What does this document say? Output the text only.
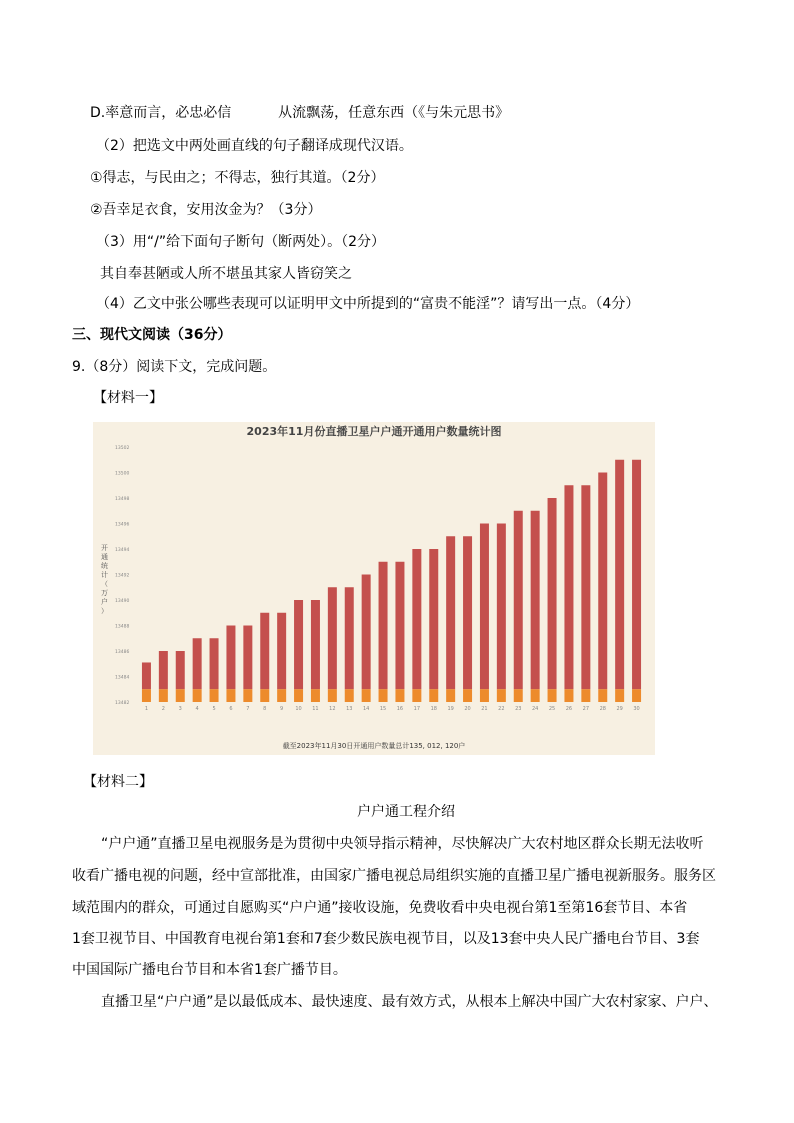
D.率意而言，必忠必信	从流飘荡，任意东西（《与朱元思书》
（2）把选文中两处画直线的句子翻译成现代汉语。
①得志，与民由之；不得志，独行其道。（2分）
②吾幸足衣食，安用汝金为？（3分）
（3）用“/”给下面句子断句（断两处）。（2分）
其自奉甚陋或人所不堪虽其家人皆窃笑之
（4）乙文中张公哪些表现可以证明甲文中所提到的“富贵不能淫”？请写出一点。（4分）
三、现代文阅读（36分）
9.（8分）阅读下文，完成问题。
【材料一】
2023年11月份直播卫星户户通开通用户数量统计图
开通统计（万户）
13482
13484
13486
13488
13490
13492
13494
13496
13498
13500
13502
1	2	3	4	5	6	7	8	9 10 11 12 13 14 15 16 17 18 19 20 21 22 23 24 25 26 27 28 29 30
截至2023年11月30日开通用户数量总计135, 012, 120户
【材料二】
户户通工程介绍
“户户通”直播卫星电视服务是为贯彻中央领导指示精神，尽快解决广大农村地区群众长期无法收听
收看广播电视的问题，经中宣部批准，由国家广播电视总局组织实施的直播卫星广播电视新服务。服务区
域范围内的群众，可通过自愿购买“户户通”接收设施，免费收看中央电视台第1至第16套节目、本省
1套卫视节目、中国教育电视台第1套和7套少数民族电视节目，以及13套中央人民广播电台节目、3套
中国国际广播电台节目和本省1套广播节目。
直播卫星“户户通”是以最低成本、最快速度、最有效方式，从根本上解决中国广大农村家家、户户、
